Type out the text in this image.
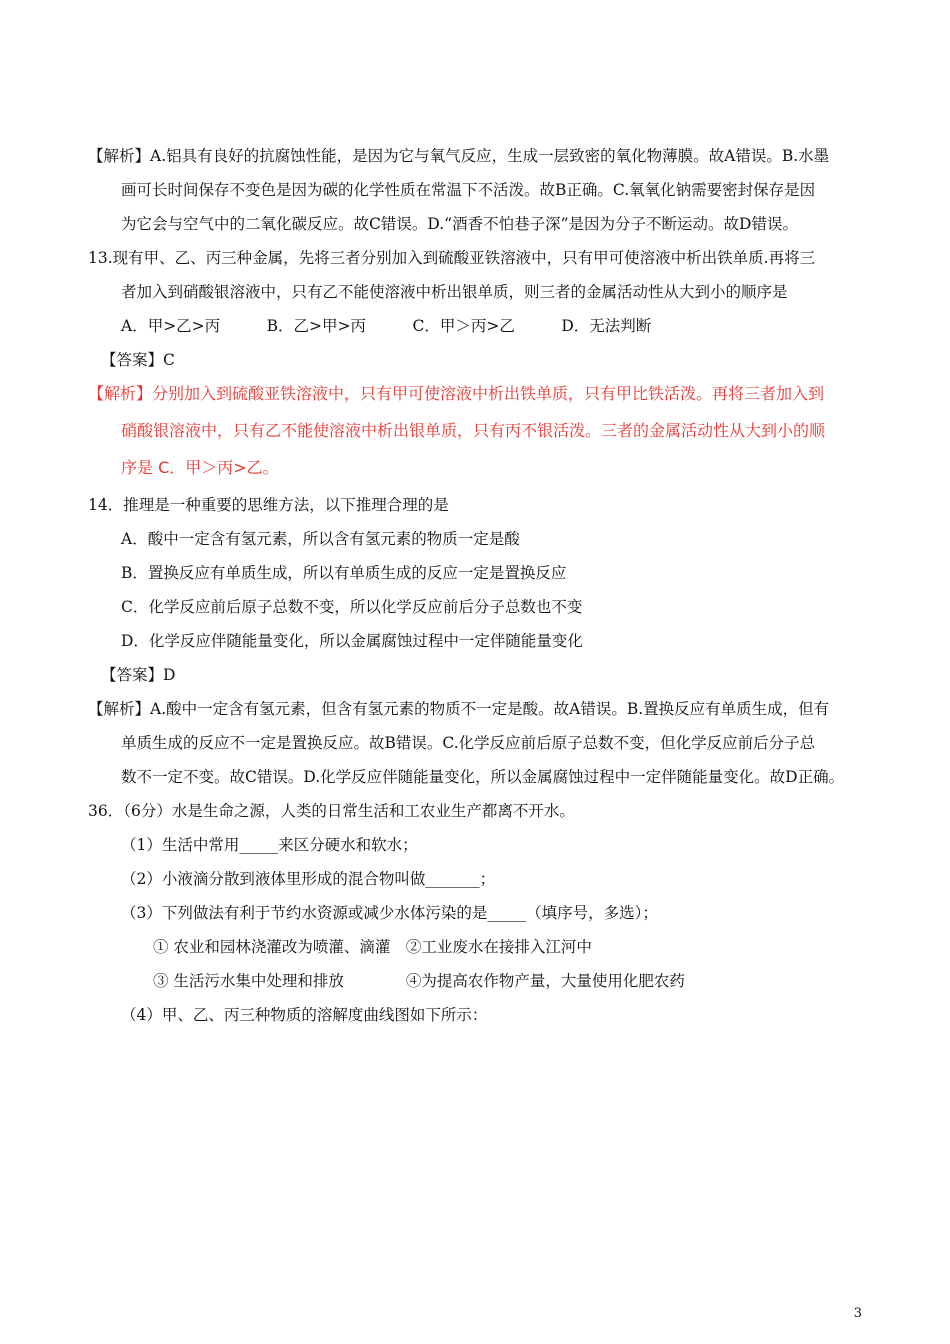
【解析】A.铝具有良好的抗腐蚀性能，是因为它与氧气反应，生成一层致密的氧化物薄膜。故A错误。B.水墨
画可长时间保存不变色是因为碳的化学性质在常温下不活泼。故B正确。C.氧氧化钠需要密封保存是因
为它会与空气中的二氧化碳反应。故C错误。D.“酒香不怕巷子深”是因为分子不断运动。故D错误。
13.现有甲、乙、丙三种金属，先将三者分别加入到硫酸亚铁溶液中，只有甲可使溶液中析出铁单质.再将三
者加入到硝酸银溶液中，只有乙不能使溶液中析出银单质，则三者的金属活动性从大到小的顺序是
A．甲>乙>丙　　　B．乙>甲>丙　　　C．甲＞丙>乙　　　D．无法判断
【答案】C
【解析】分别加入到硫酸亚铁溶液中，只有甲可使溶液中析出铁单质，只有甲比铁活泼。再将三者加入到
硝酸银溶液中，只有乙不能使溶液中析出银单质，只有丙不银活泼。三者的金属活动性从大到小的顺
序是 C．甲＞丙>乙。
14．推理是一种重要的思维方法，以下推理合理的是
A．酸中一定含有氢元素，所以含有氢元素的物质一定是酸
B．置换反应有单质生成，所以有单质生成的反应一定是置换反应
C．化学反应前后原子总数不变，所以化学反应前后分子总数也不变
D．化学反应伴随能量变化，所以金属腐蚀过程中一定伴随能量变化
【答案】D
【解析】A.酸中一定含有氢元素，但含有氢元素的物质不一定是酸。故A错误。B.置换反应有单质生成，但有
单质生成的反应不一定是置换反应。故B错误。C.化学反应前后原子总数不变，但化学反应前后分子总
数不一定不变。故C错误。D.化学反应伴随能量变化，所以金属腐蚀过程中一定伴随能量变化。故D正确。
36．（6分）水是生命之源，人类的日常生活和工农业生产都离不开水。
（1）生活中常用_____来区分硬水和软水；
（2）小液滴分散到液体里形成的混合物叫做_______；
（3）下列做法有利于节约水资源或减少水体污染的是_____（填序号，多选）；
① 农业和园林浇灌改为喷灌、滴灌　②工业废水在接排入江河中
③ 生活污水集中处理和排放　　　　④为提高农作物产量，大量使用化肥农药
（4）甲、乙、丙三种物质的溶解度曲线图如下所示：
3
